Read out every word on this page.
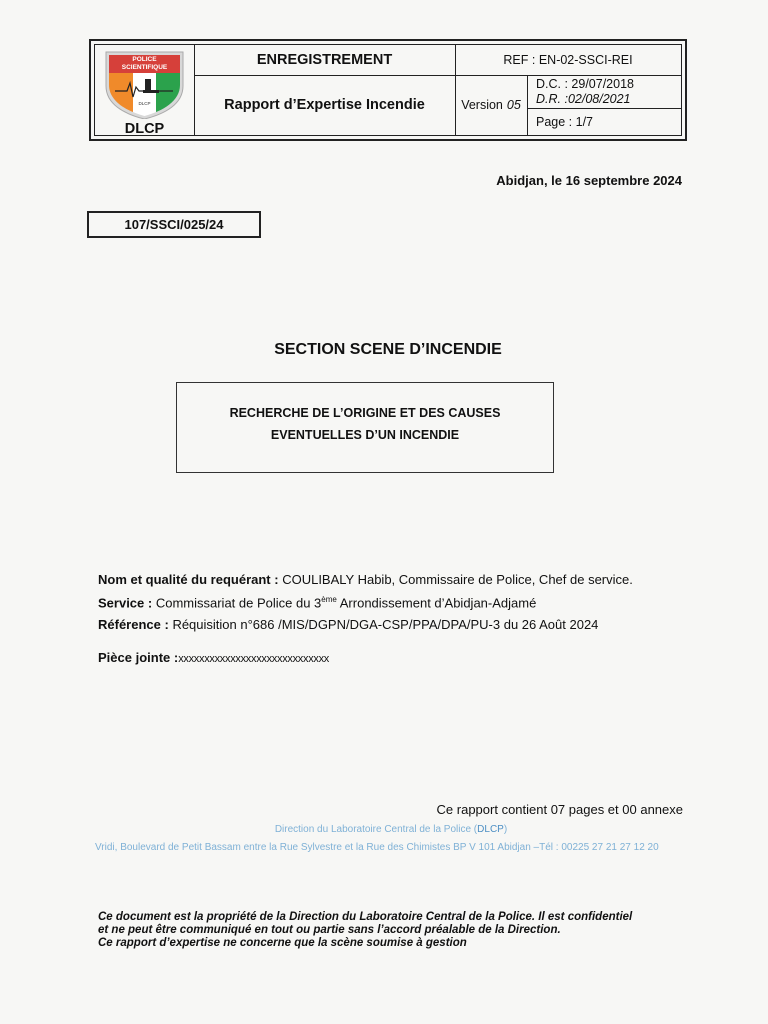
POLICE
SCIENTIFIQUE
DLCP
DLCP
ENREGISTREMENT
Rapport d’Expertise Incendie
REF : EN-02-SSCI-REI
Version 05
D.C. : 29/07/2018
D.R. :02/08/2021
Page : 1/7
Abidjan, le 16 septembre 2024
107/SSCI/025/24
SECTION SCENE D’INCENDIE
RECHERCHE DE L’ORIGINE ET DES CAUSES
EVENTUELLES D’UN INCENDIE
Nom et qualité du requérant : COULIBALY Habib, Commissaire de Police, Chef de service.
Service : Commissariat de Police du 3ème Arrondissement d’Abidjan-Adjamé
Référence : Réquisition n°686 /MIS/DGPN/DGA-CSP/PPA/DPA/PU-3 du 26 Août 2024
Pièce jointe :xxxxxxxxxxxxxxxxxxxxxxxxxxxxx
Ce rapport contient 07 pages et 00 annexe
Direction du Laboratoire Central de la Police (DLCP)
Vridi, Boulevard de Petit Bassam entre la Rue Sylvestre et la Rue des Chimistes BP V 101 Abidjan –Tél : 00225 27 21 27 12 20
Ce document est la propriété de la Direction du Laboratoire Central de la Police. Il est confidentiel
et ne peut être communiqué en tout ou partie sans l’accord préalable de la Direction.
Ce rapport d’expertise ne concerne que la scène soumise à gestion
